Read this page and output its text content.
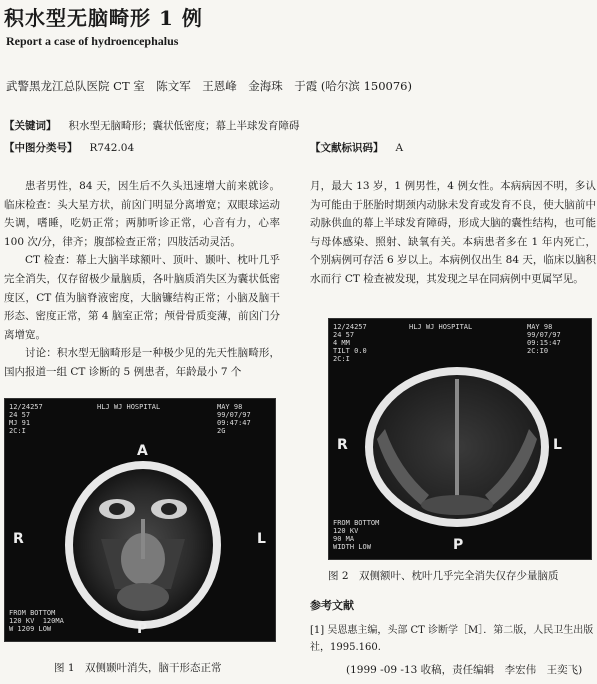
积水型无脑畸形 1 例
Report a case of hydroencephalus
武警黑龙江总队医院 CT 室　陈文军　王恩峰　金海珠　于霞 (哈尔滨 150076)
【关键词】 积水型无脑畸形；囊状低密度；幕上半球发育障碍
【中图分类号】 R742.04	【文献标识码】 A

患者男性，84 天，因生后不久头迅速增大前来就诊。临床检查：头大星方状，前囟门明显分离增宽；双眼球运动失调，嗜睡，吃奶正常；两肺听诊正常，心音有力，心率 100 次/分，律齐；腹部检查正常；四肢活动灵活。

CT 检查：幕上大脑半球额叶、顶叶、颞叶、枕叶几乎完全消失，仅存留极少量脑质，各叶脑质消失区为囊状低密度区，CT 值为脑脊液密度，大脑镰结构正常；小脑及脑干形态、密度正常，第 4 脑室正常；颅骨骨质变薄，前囟门分离增宽。

讨论：积水型无脑畸形是一种极少见的先天性脑畸形，国内报道一组 CT 诊断的 5 例患者，年龄最小 7 个

月，最大 13 岁，1 例男性，4 例女性。本病病因不明，多认为可能由于胚胎时期颈内动脉未发育或发育不良，使大脑前中动脉供血的幕上半球发育障碍，形成大脑的囊性结构，也可能与母体感染、照射、缺氧有关。本病患者多在 1 年内死亡，个别病例可存活 6 岁以上。本病例仅出生 84 天，临床以脑积水而行 CT 检查被发现，其发现之早在同病例中更属罕见。

12/24257
24 57
MJ 91
2C:I
HLJ WJ HOSPITAL	MAY 98
99/07/97
09:47:47
2G
A
R	L
P
FROM BOTTOM
120 KV  120MA
W 1209 LOW
图 1　双侧颞叶消失，脑干形态正常
12/24257
24 57
4 MM
TILT 0.0
2C:I
HLJ WJ HOSPITAL	MAY 98
99/07/97
09:15:47
2C:I0
R	L
P
FROM BOTTOM
120 KV
90 MA
WIDTH LOW
图 2　双侧额叶、枕叶几乎完全消失仅存少量脑质
参考文献
[1] 吴恩惠主编，头部 CT 诊断学［M］．第二版，人民卫生出版社，1995.160.
(1999 -09 -13 收稿，责任编辑　李宏伟　王奕飞)
